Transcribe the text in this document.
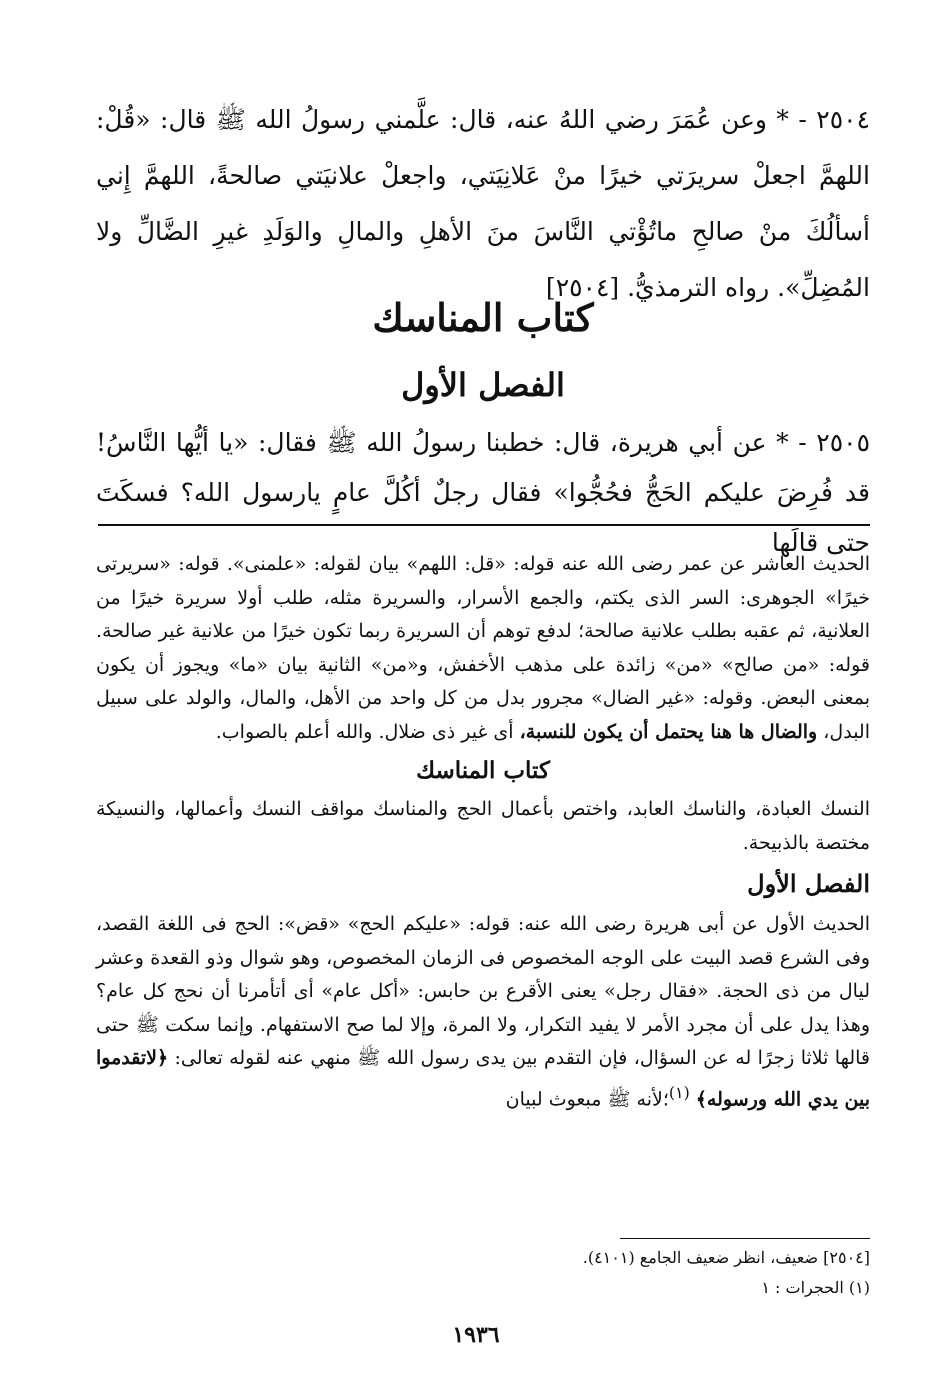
٢٥٠٤ - * وعن عُمَرَ رضي اللهُ عنه، قال: علَّمني رسولُ الله ﷺ قال: «قُلْ: اللهمَّ اجعلْ سريرَتي خيرًا منْ عَلانِيَتي، واجعلْ علانيَتي صالحةً، اللهمَّ إِني أسألُكَ منْ صالحِ ماتُؤْتي النَّاسَ منَ الأهلِ والمالِ والوَلَدِ غيرِ الضَّالِّ ولا المُضِلِّ». رواه الترمذيُّ. [٢٥٠٤]

كتاب المناسك
الفصل الأول
٢٥٠٥ - * عن أبي هريرة، قال: خطبنا رسولُ الله ﷺ فقال: «يا أيُّها النَّاسُ! قد فُرِضَ عليكم الحَجُّ فحُجُّوا» فقال رجلٌ أكُلَّ عامٍ يارسول الله؟ فسكَتَ حتى قالَها

الحديث العاشر عن عمر رضى الله عنه قوله: «قل: اللهم» بيان لقوله: «علمنى». قوله: «سريرتى خيرًا» الجوهرى: السر الذى يكتم، والجمع الأسرار، والسريرة مثله، طلب أولا سريرة خيرًا من العلانية، ثم عقبه بطلب علانية صالحة؛ لدفع توهم أن السريرة ربما تكون خيرًا من علانية غير صالحة. قوله: «من صالح» «من» زائدة على مذهب الأخفش، و«من» الثانية بيان «ما» ويجوز أن يكون بمعنى البعض. وقوله: «غير الضال» مجرور بدل من كل واحد من الأهل، والمال، والولد على سبيل البدل، والضال ها هنا يحتمل أن يكون للنسبة، أى غير ذى ضلال. والله أعلم بالصواب.

كتاب المناسك

النسك العبادة، والناسك العابد، واختص بأعمال الحج والمناسك مواقف النسك وأعمالها، والنسيكة مختصة بالذبيحة.

الفصل الأول

الحديث الأول عن أبى هريرة رضى الله عنه: قوله: «عليكم الحج» «قض»: الحج فى اللغة القصد، وفى الشرع قصد البيت على الوجه المخصوص فى الزمان المخصوص، وهو شوال وذو القعدة وعشر ليال من ذى الحجة. «فقال رجل» يعنى الأقرع بن حابس: «أكل عام» أى أتأمرنا أن نحج كل عام؟ وهذا يدل على أن مجرد الأمر لا يفيد التكرار، ولا المرة، وإلا لما صح الاستفهام. وإنما سكت ﷺ حتى قالها ثلاثا زجرًا له عن السؤال، فإن التقدم بين يدى رسول الله ﷺ منهي عنه لقوله تعالى: ﴿لاتقدموا بين يدي الله ورسوله﴾ $^{(١)}$؛لأنه ﷺ مبعوث لبيان

[٢٥٠٤] ضعيف، انظر ضعيف الجامع (٤١٠١).
(١) الحجرات : ١
١٩٣٦
